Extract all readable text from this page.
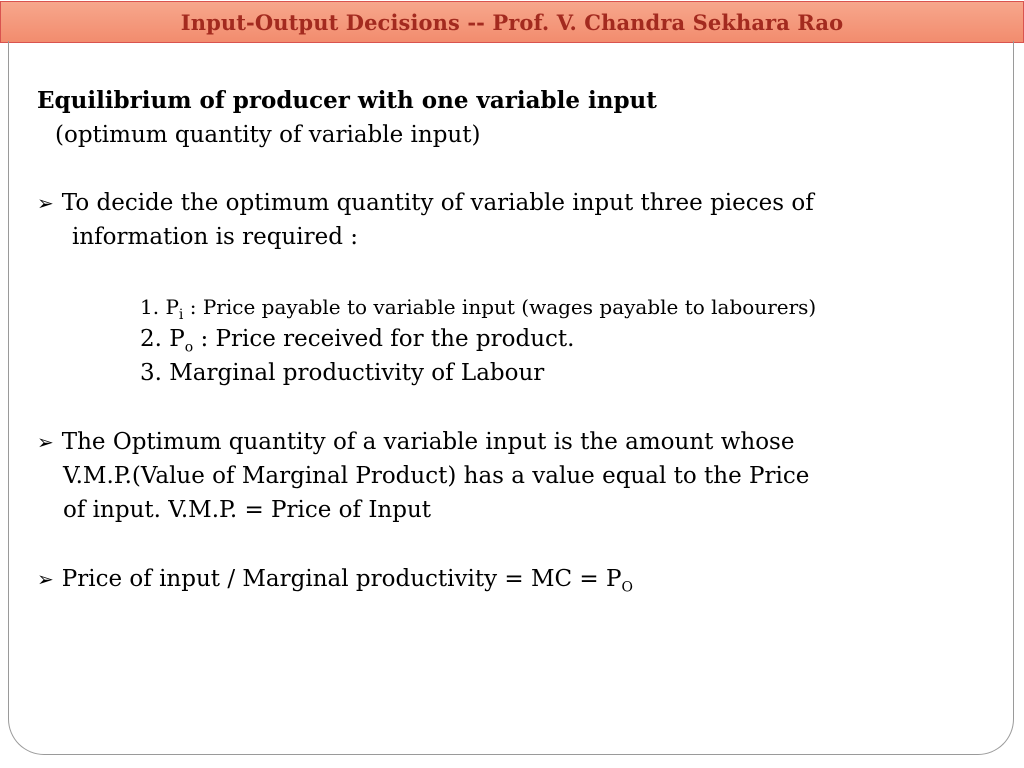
Input-Output Decisions -- Prof. V. Chandra Sekhara Rao
Equilibrium of producer with one variable input
(optimum quantity of variable input)
➢ To decide the optimum quantity of variable input three pieces of
information is required :
1. $P_i$ : Price payable to variable input (wages payable to labourers)
2. $P_o$ : Price received for the product.
3. Marginal productivity of Labour
➢ The Optimum quantity of a variable input is the amount whose
V.M.P.(Value of Marginal Product) has a value equal to the Price
of input. V.M.P. = Price of Input
➢ Price of input / Marginal productivity = MC = $P_O$
